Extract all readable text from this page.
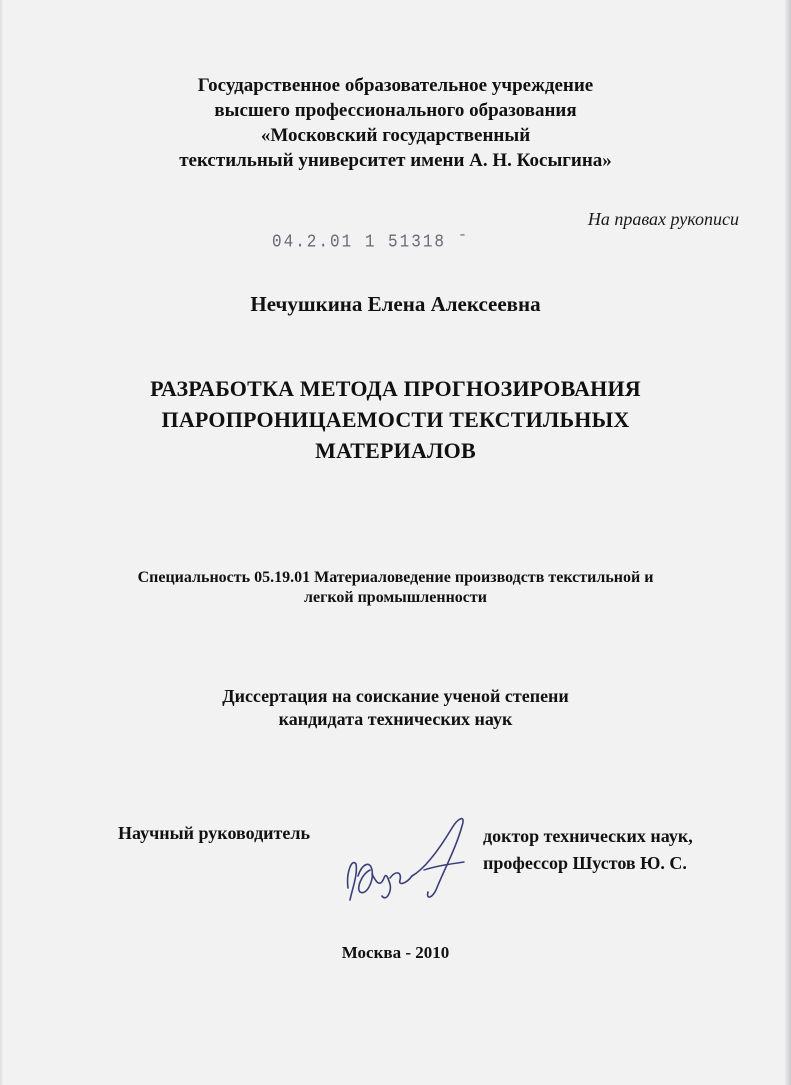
Государственное образовательное учреждение
высшего профессионального образования
«Московский государственный
текстильный университет имени А. Н. Косыгина»
На правах рукописи
04.2.01 1 51318 ˉ
Нечушкина Елена Алексеевна
РАЗРАБОТКА МЕТОДА ПРОГНОЗИРОВАНИЯ
ПАРОПРОНИЦАЕМОСТИ ТЕКСТИЛЬНЫХ
МАТЕРИАЛОВ
Специальность 05.19.01 Материаловедение производств текстильной и
легкой промышленности
Диссертация на соискание ученой степени
кандидата технических наук
Научный руководитель	доктор технических наук,
профессор Шустов Ю. С.
Москва - 2010
